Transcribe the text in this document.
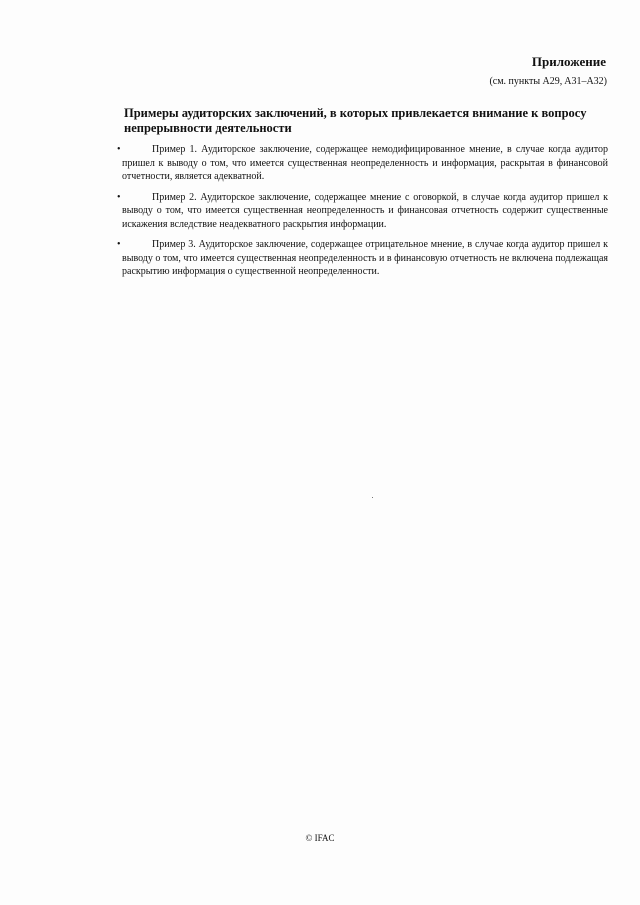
Приложение

(см. пункты A29, A31–A32)

Примеры аудиторских заключений, в которых привлекается внимание к вопросу непрерывности деятельности
•	Пример 1. Аудиторское заключение, содержащее немодифицированное мнение, в случае когда аудитор пришел к выводу о том, что имеется существенная неопределенность и информация, раскрытая в финансовой отчетности, является адекватной.
•	Пример 2. Аудиторское заключение, содержащее мнение с оговоркой, в случае когда аудитор пришел к выводу о том, что имеется существенная неопределенность и финансовая отчетность содержит существенные искажения вследствие неадекватного раскрытия информации.
•	Пример 3. Аудиторское заключение, содержащее отрицательное мнение, в случае когда аудитор пришел к выводу о том, что имеется существенная неопределенность и в финансовую отчетность не включена подлежащая раскрытию информация о существенной неопределенности.

© IFAC
